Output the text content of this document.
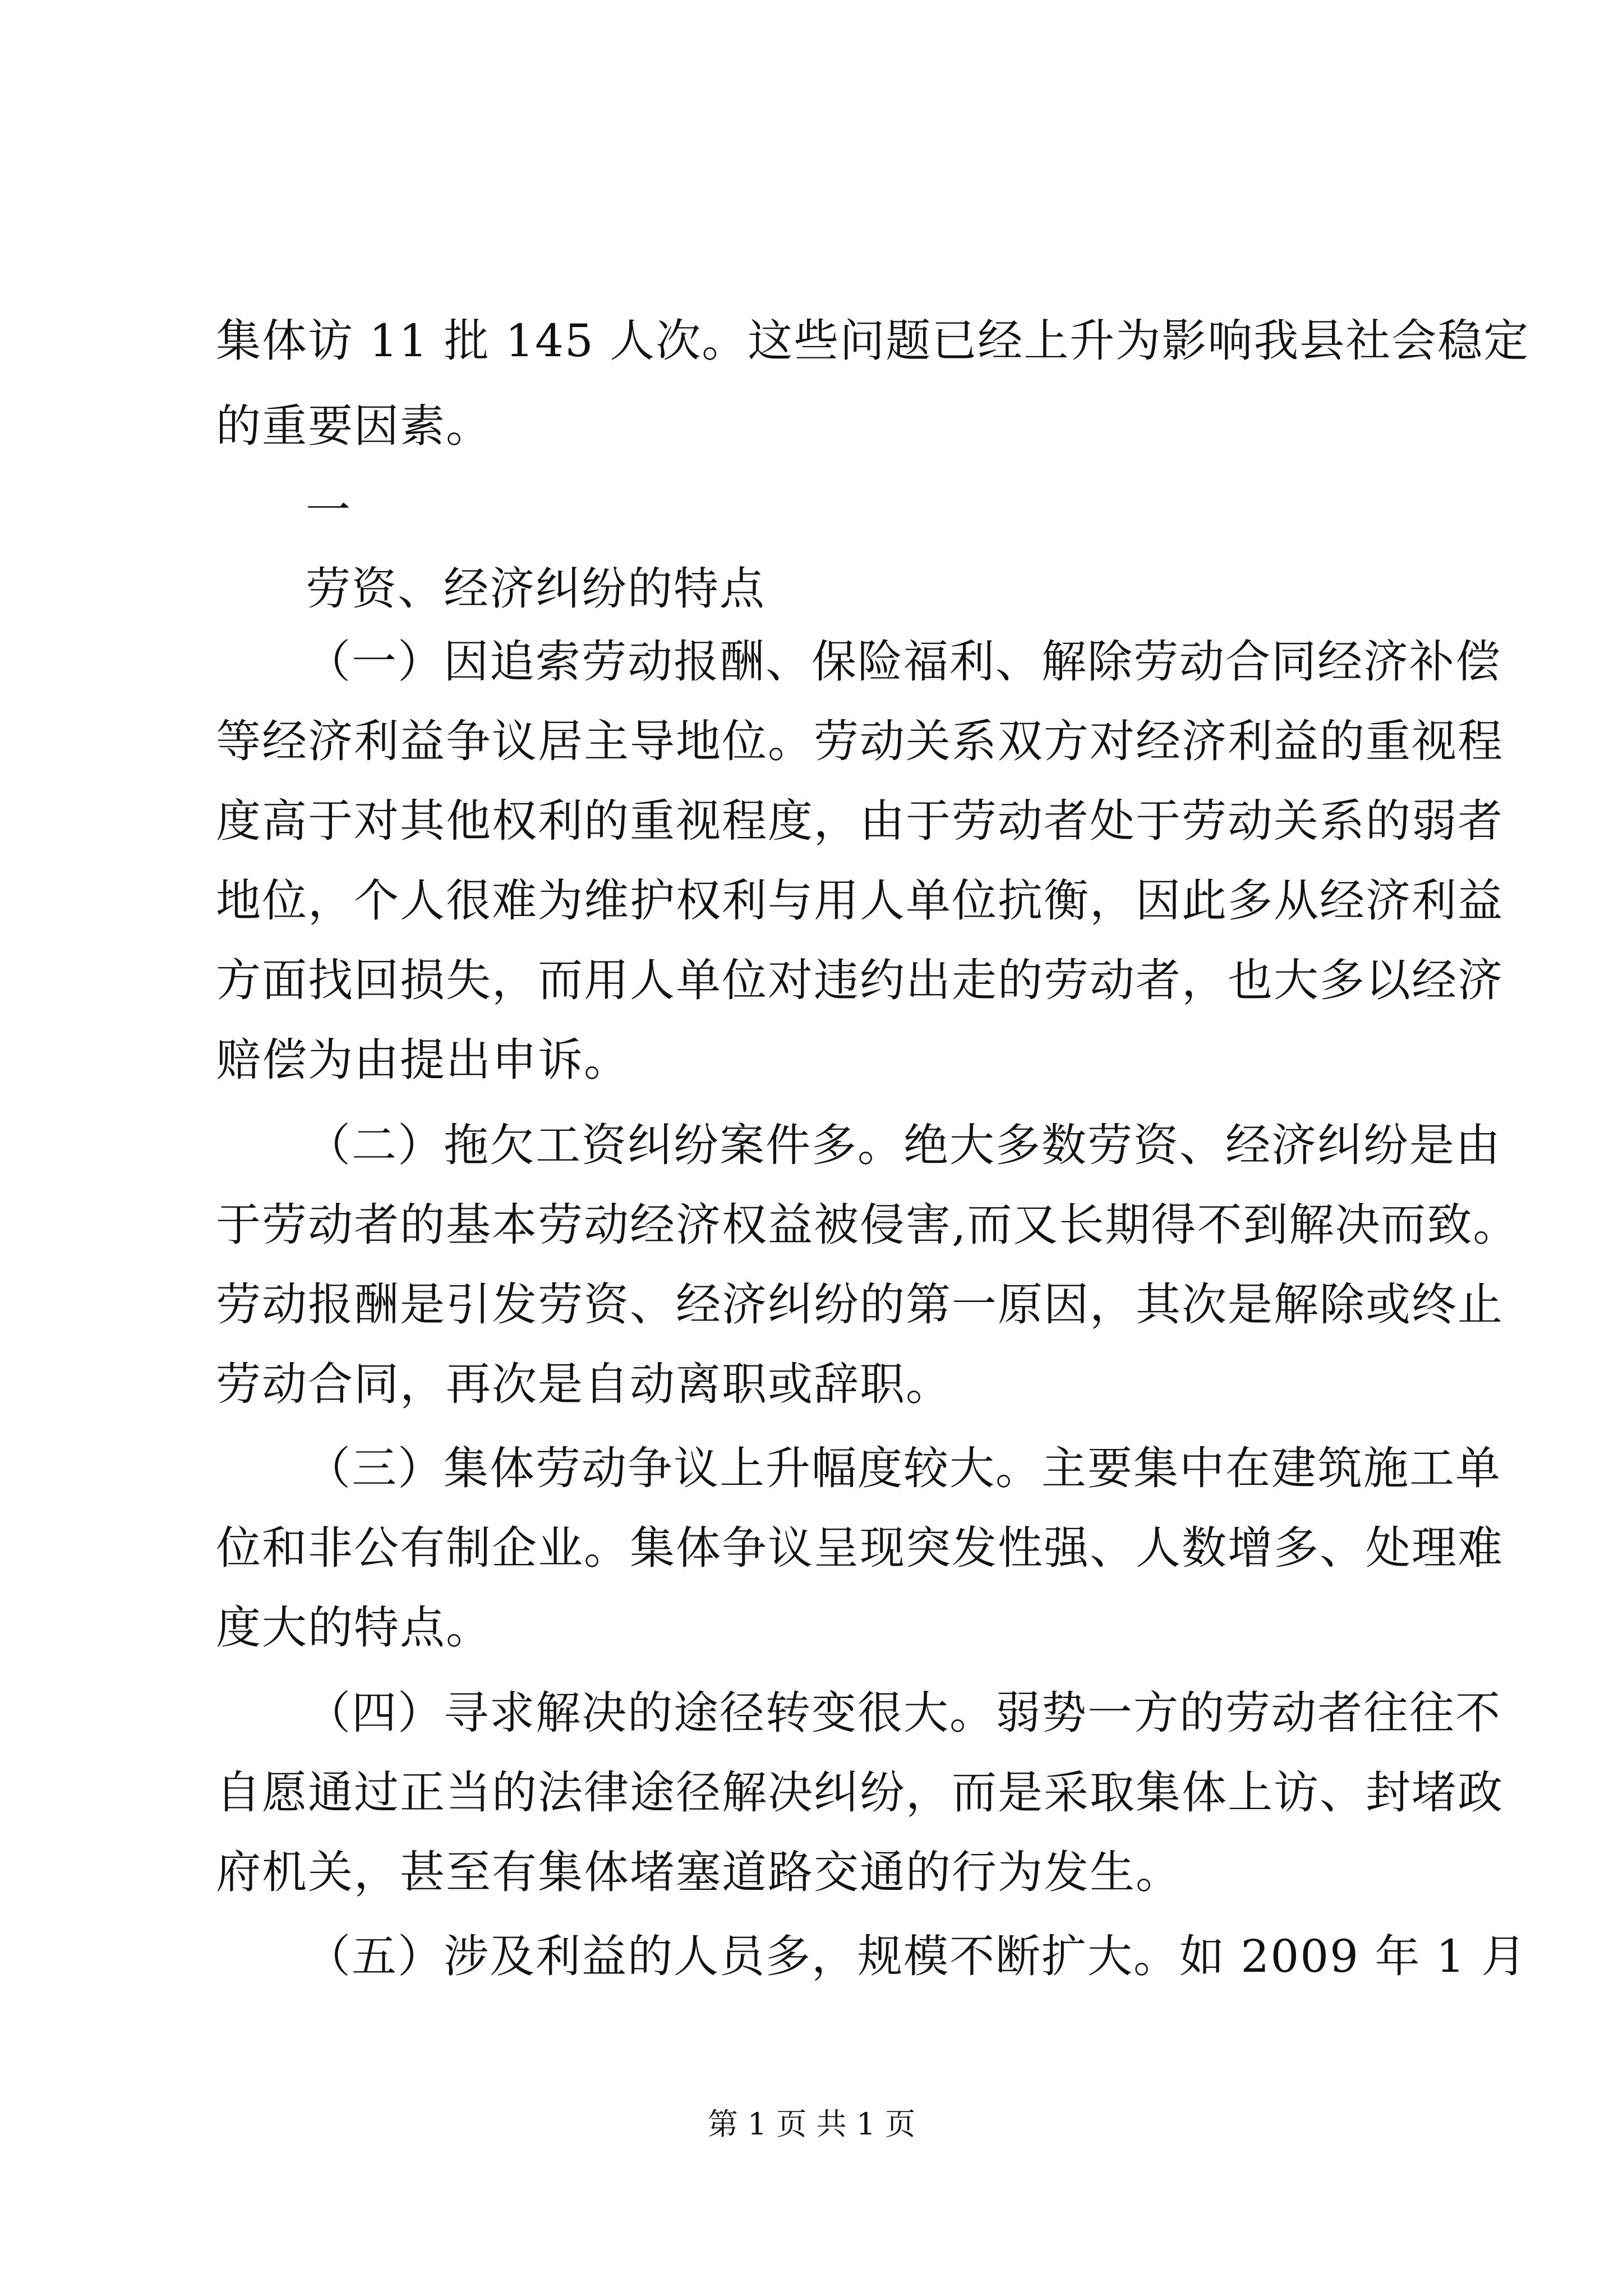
集体访 11 批 145 人次。这些问题已经上升为影响我县社会稳定
的重要因素。
一
劳资、经济纠纷的特点
（一）因追索劳动报酬、保险福利、解除劳动合同经济补偿
等经济利益争议居主导地位。劳动关系双方对经济利益的重视程
度高于对其他权利的重视程度，由于劳动者处于劳动关系的弱者
地位，个人很难为维护权利与用人单位抗衡，因此多从经济利益
方面找回损失，而用人单位对违约出走的劳动者，也大多以经济
赔偿为由提出申诉。
（二）拖欠工资纠纷案件多。绝大多数劳资、经济纠纷是由
于劳动者的基本劳动经济权益被侵害,而又长期得不到解决而致。
劳动报酬是引发劳资、经济纠纷的第一原因，其次是解除或终止
劳动合同，再次是自动离职或辞职。
（三）集体劳动争议上升幅度较大。主要集中在建筑施工单
位和非公有制企业。集体争议呈现突发性强、人数增多、处理难
度大的特点。
（四）寻求解决的途径转变很大。弱势一方的劳动者往往不
自愿通过正当的法律途径解决纠纷，而是采取集体上访、封堵政
府机关，甚至有集体堵塞道路交通的行为发生。
（五）涉及利益的人员多，规模不断扩大。如 2009 年 1 月
第 1 页 共 1 页
